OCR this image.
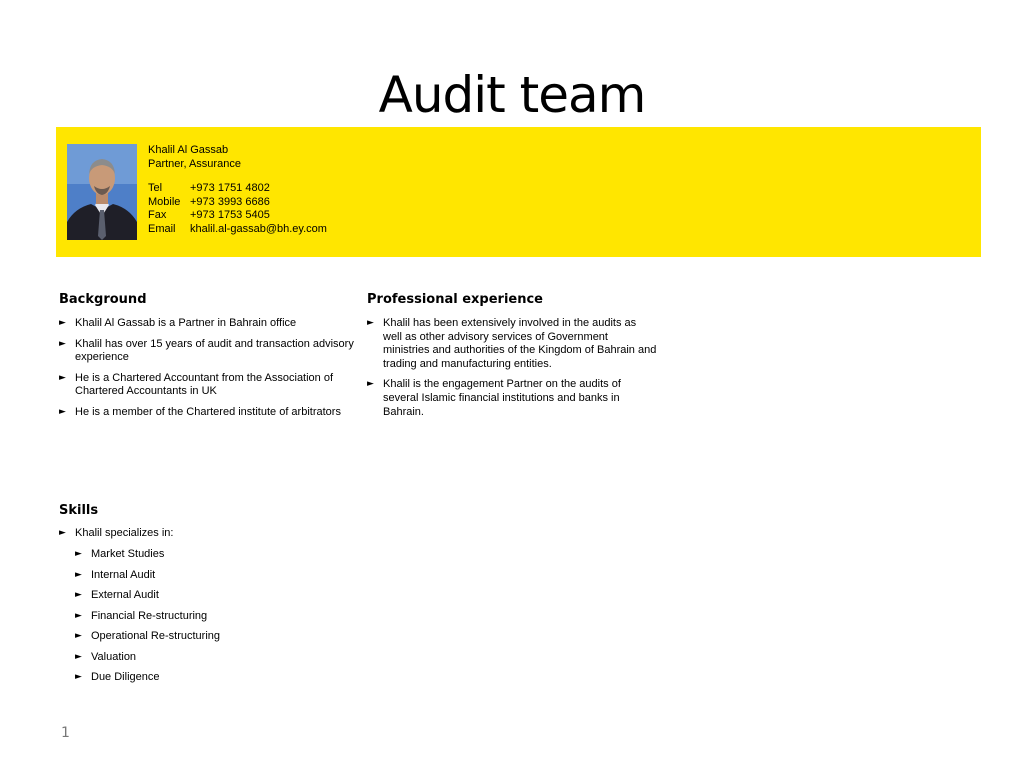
Audit team
Khalil Al Gassab
Partner, Assurance
Tel	+973 1751 4802
Mobile	+973 3993 6686
Fax	+973 1753 5405
Email	khalil.al-gassab@bh.ey.com
Background
► Khalil Al Gassab is a Partner in Bahrain office
► Khalil has over 15 years of audit and transaction advisory experience
► He is a Chartered Accountant from the Association of Chartered Accountants in UK
► He is a member of the Chartered institute of arbitrators
Professional experience
► Khalil has been extensively involved in the audits as well as other advisory services of Government ministries and authorities of the Kingdom of Bahrain and trading and manufacturing entities.
► Khalil is the engagement Partner on the audits of several Islamic financial institutions and banks in Bahrain.
Skills
► Khalil specializes in:
► Market Studies
► Internal Audit
► External Audit
► Financial Re-structuring
► Operational Re-structuring
► Valuation
► Due Diligence
1
